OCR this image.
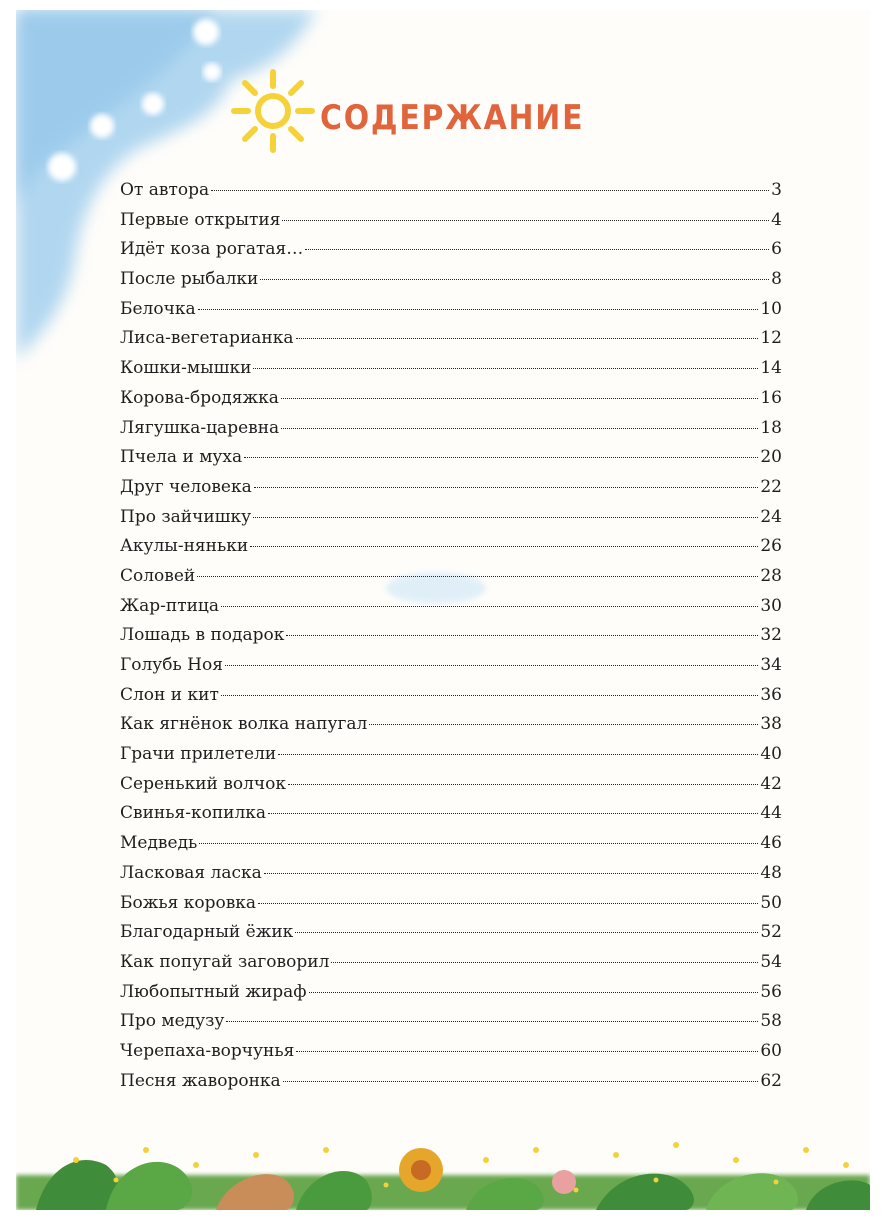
СОДЕРЖАНИЕ
От автора	3
Первые открытия	4
Идёт коза рогатая…	6
После рыбалки	8
Белочка	10
Лиса-вегетарианка	12
Кошки-мышки	14
Корова-бродяжка	16
Лягушка-царевна	18
Пчела и муха	20
Друг человека	22
Про зайчишку	24
Акулы-няньки	26
Соловей	28
Жар-птица	30
Лошадь в подарок	32
Голубь Ноя	34
Слон и кит	36
Как ягнёнок волка напугал	38
Грачи прилетели	40
Серенький волчок	42
Свинья-копилка	44
Медведь	46
Ласковая ласка	48
Божья коровка	50
Благодарный ёжик	52
Как попугай заговорил	54
Любопытный жираф	56
Про медузу	58
Черепаха-ворчунья	60
Песня жаворонка	62
